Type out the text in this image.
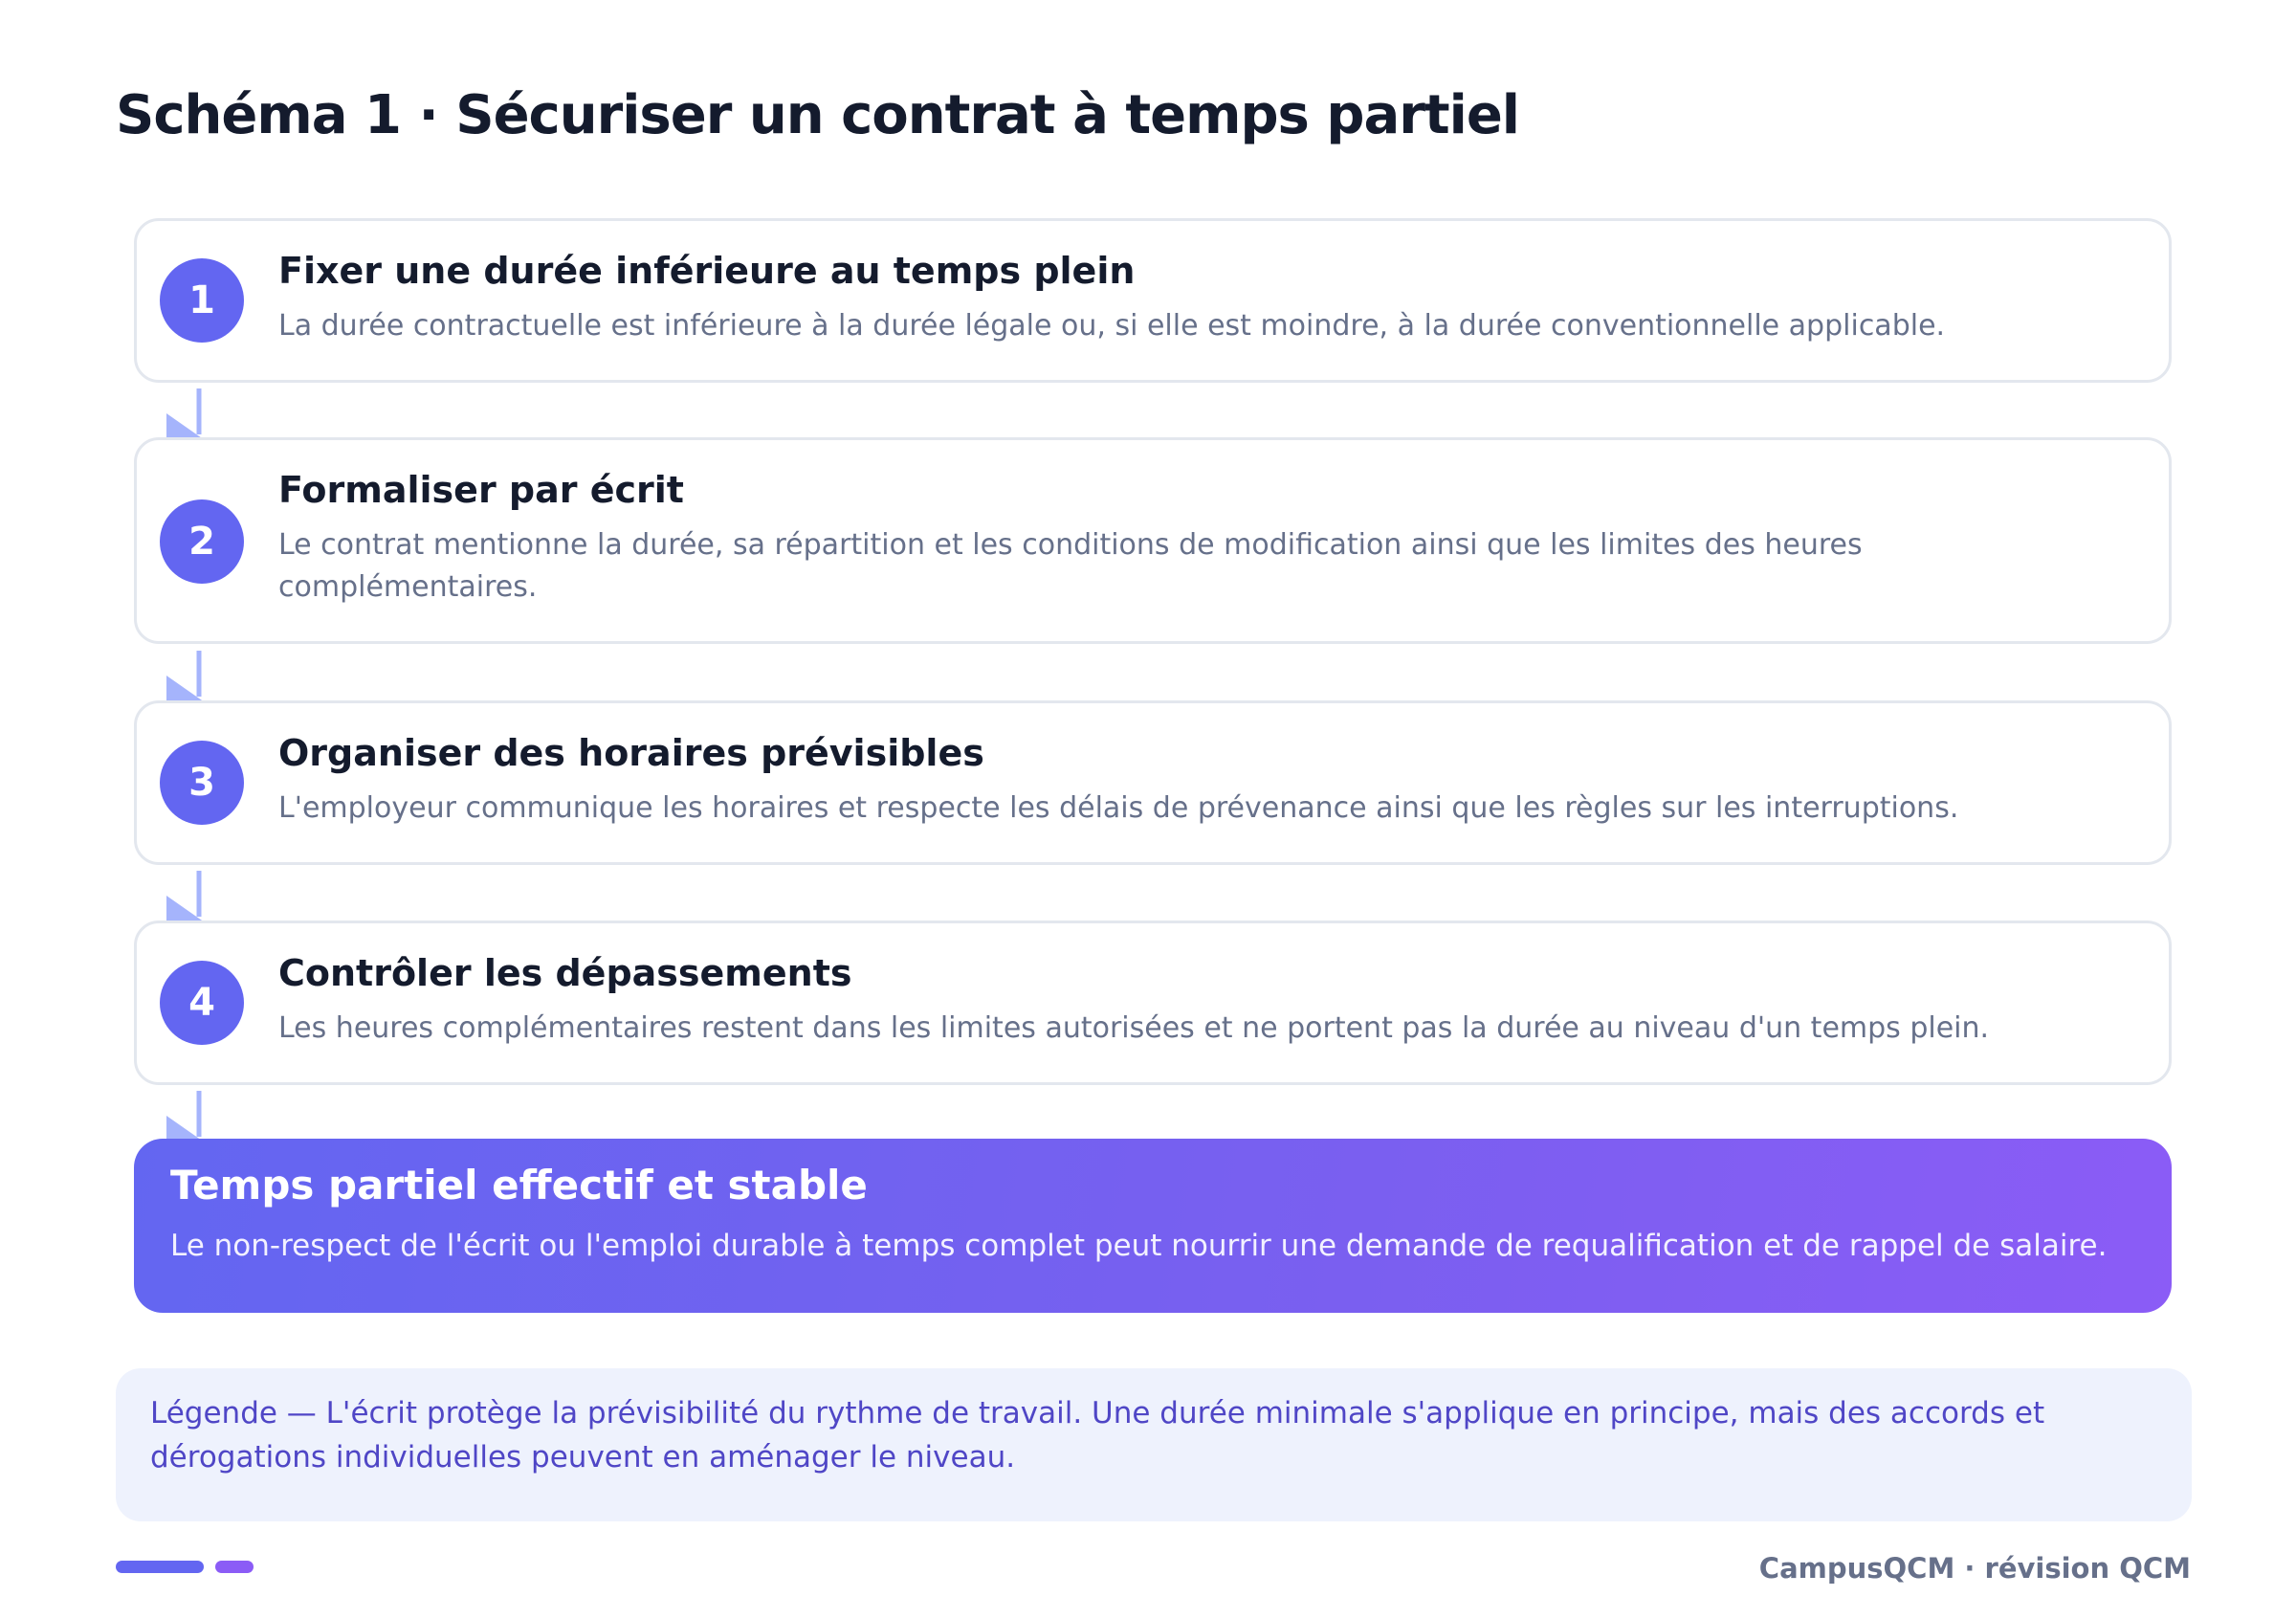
Schéma 1 · Sécuriser un contrat à temps partiel
1
Fixer une durée inférieure au temps plein
La durée contractuelle est inférieure à la durée légale ou, si elle est moindre, à la durée conventionnelle applicable.
2
Formaliser par écrit
Le contrat mentionne la durée, sa répartition et les conditions de modification ainsi que les limites des heures complémentaires.
3
Organiser des horaires prévisibles
L'employeur communique les horaires et respecte les délais de prévenance ainsi que les règles sur les interruptions.
4
Contrôler les dépassements
Les heures complémentaires restent dans les limites autorisées et ne portent pas la durée au niveau d'un temps plein.
Temps partiel effectif et stable
Le non-respect de l'écrit ou l'emploi durable à temps complet peut nourrir une demande de requalification et de rappel de salaire.
Légende — L'écrit protège la prévisibilité du rythme de travail. Une durée minimale s'applique en principe, mais des accords et dérogations individuelles peuvent en aménager le niveau.
CampusQCM · révision QCM
